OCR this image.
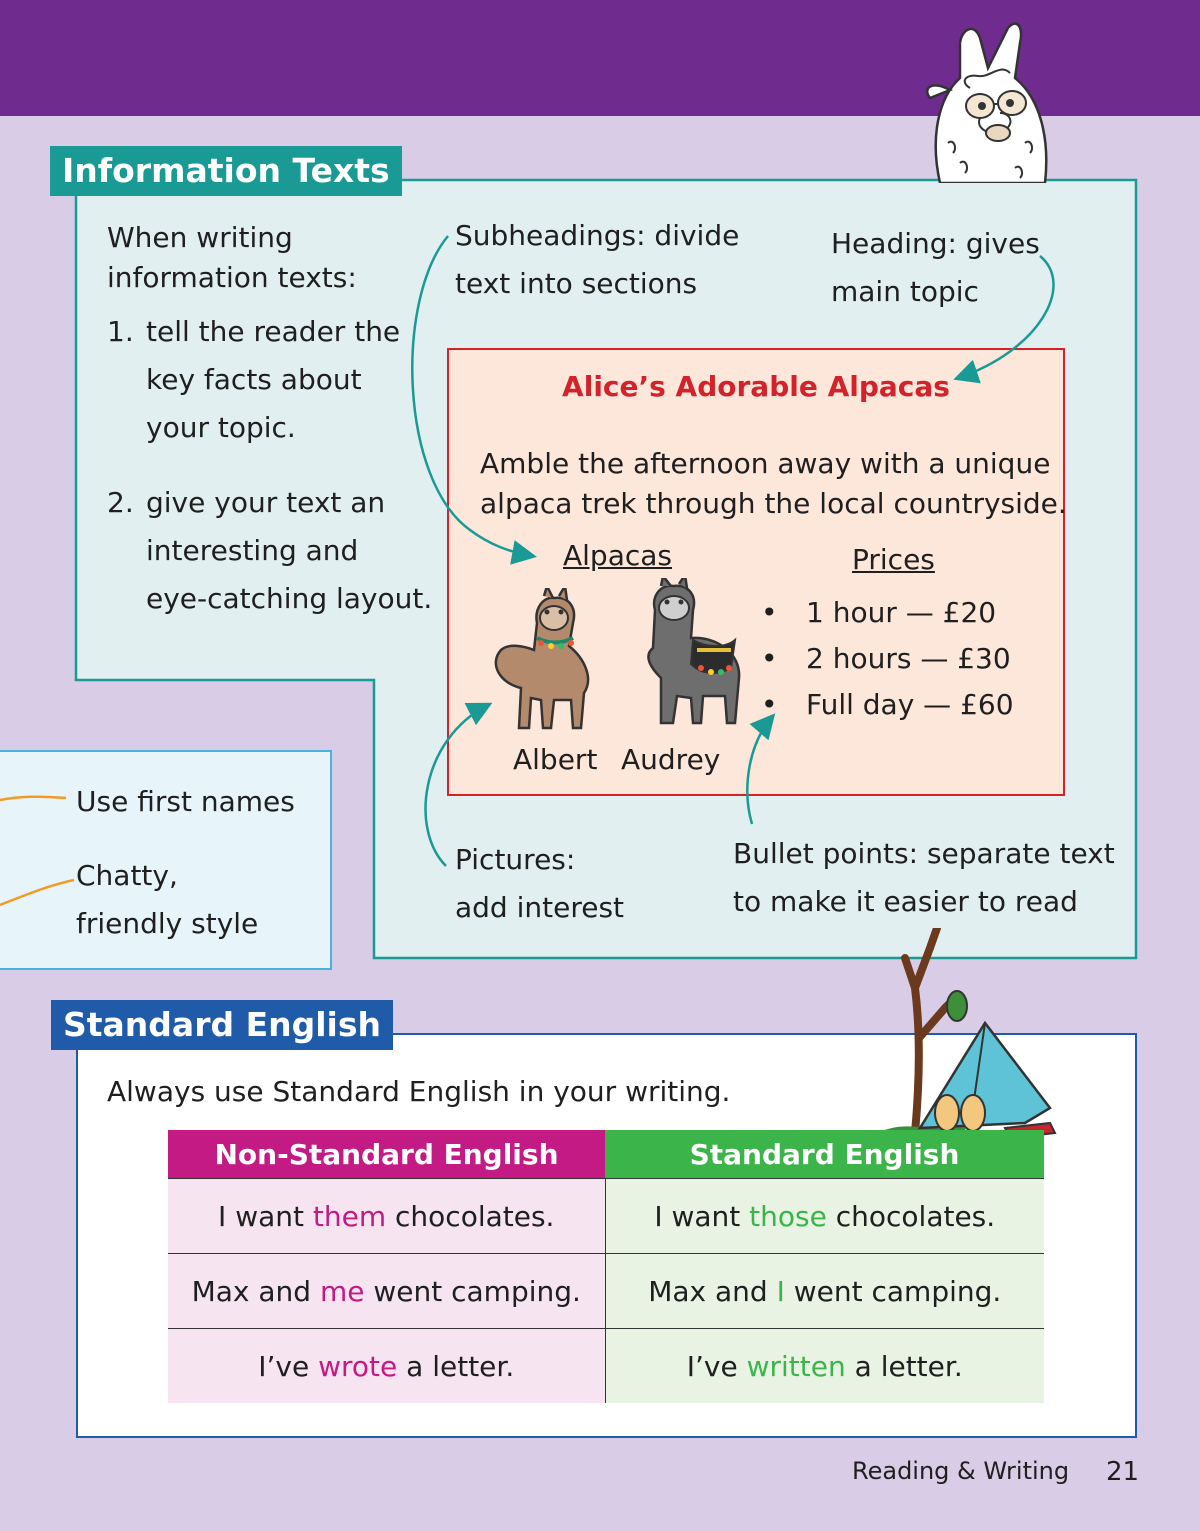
Information Texts
When writing
information texts:
1. tell the reader the
key facts about
your topic.
2. give your text an
interesting and
eye-catching layout.
Subheadings: divide
text into sections
Heading: gives
main topic
Alice’s Adorable Alpacas
Amble the afternoon away with a unique
alpaca trek through the local countryside.
Alpacas	Prices
•
•
•
1 hour — £20
2 hours — £30
Full day — £60
Albert Audrey
Pictures:
add interest
Bullet points: separate text
to make it easier to read
Use first names
Chatty,
friendly style
Standard English
Always use Standard English in your writing.
Non-Standard English	Standard English
I want them chocolates.	I want those chocolates.
Max and me went camping.	Max and I went camping.
I’ve wrote a letter.	I’ve written a letter.
Reading & Writing 21
